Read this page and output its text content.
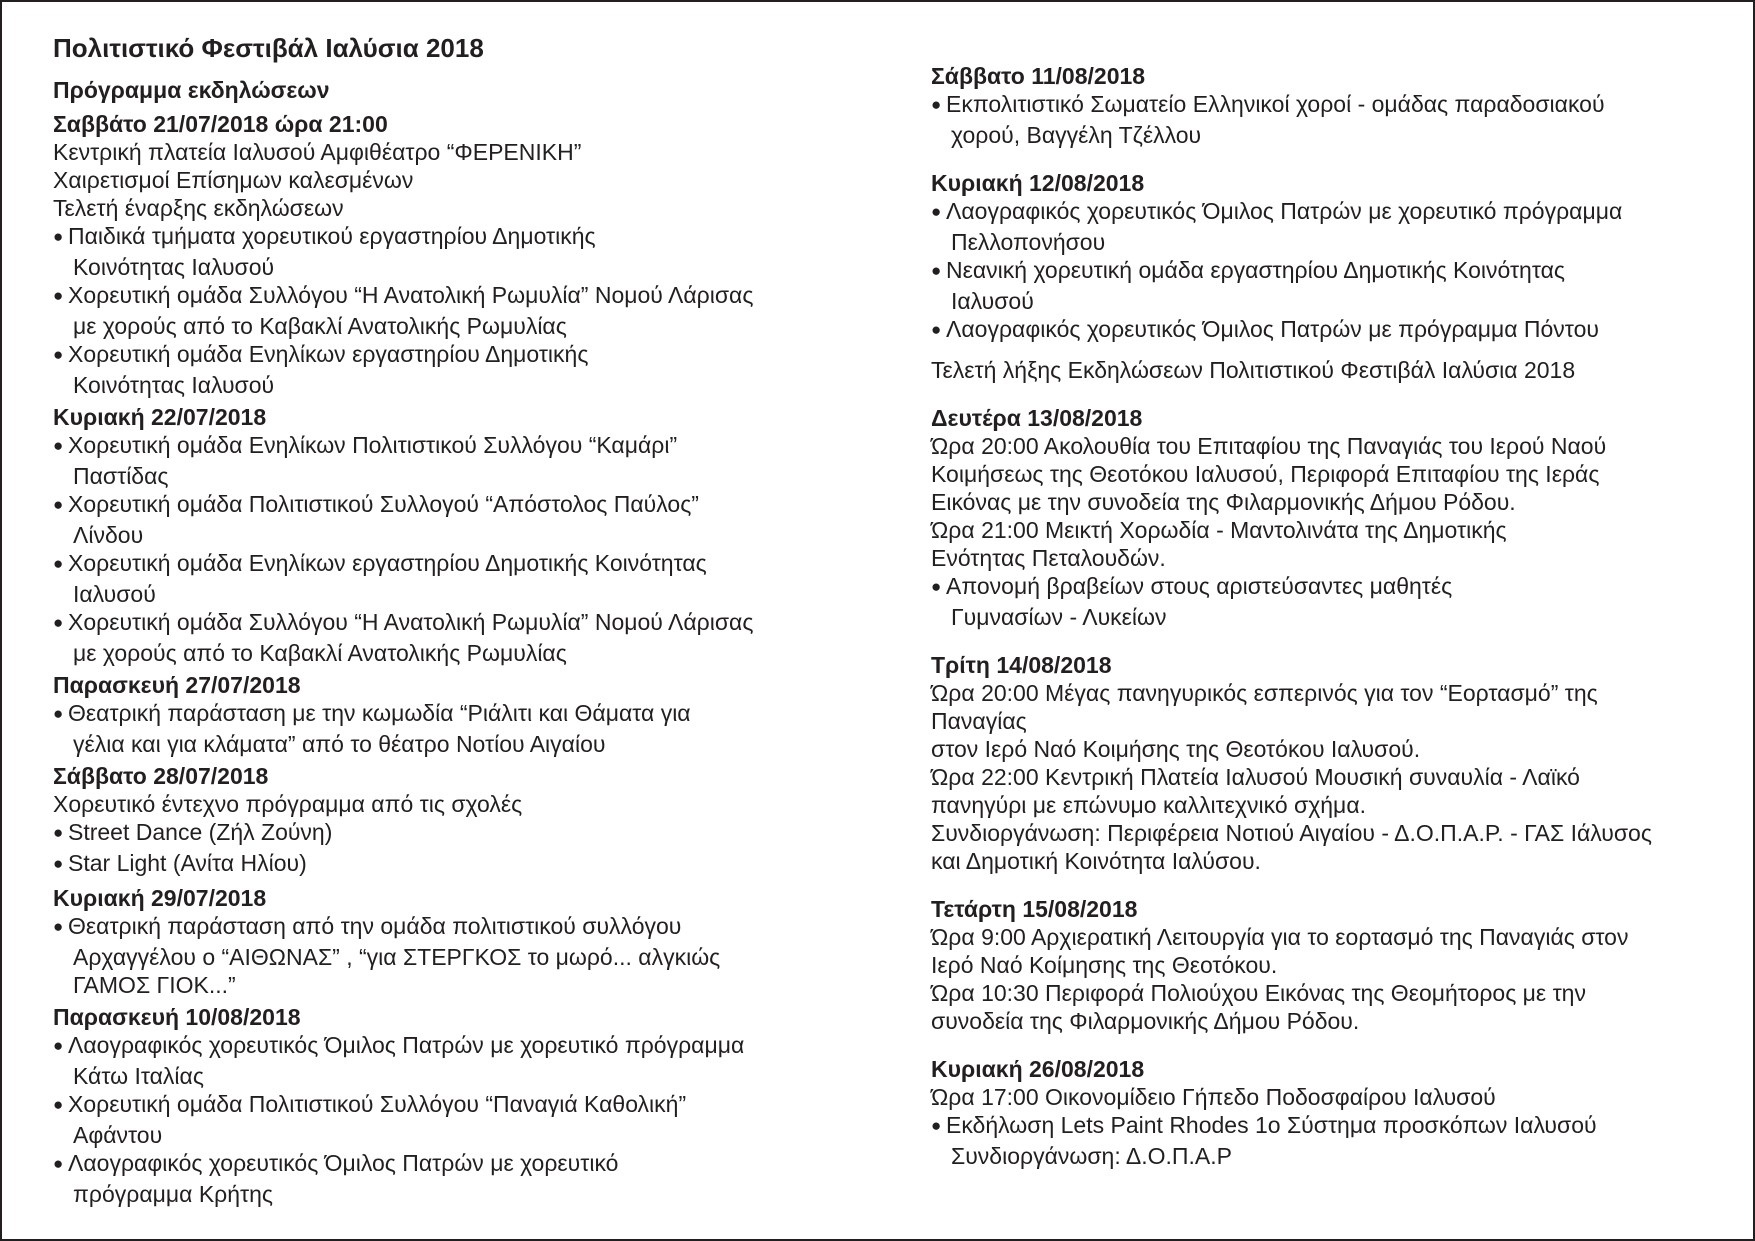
Πολιτιστικό Φεστιβάλ Ιαλύσια 2018
Πρόγραμμα εκδηλώσεων
Σαββάτο 21/07/2018 ώρα 21:00
Κεντρική πλατεία Ιαλυσού Αμφιθέατρο “ΦΕΡΕΝΙΚΗ”
Χαιρετισμοί Επίσημων καλεσμένων
Τελετή έναρξης εκδηλώσεων
● Παιδικά τμήματα χορευτικού εργαστηρίου Δημοτικής
Κοινότητας Ιαλυσού
● Χορευτική ομάδα Συλλόγου “Η Ανατολική Ρωμυλία” Νομού Λάρισας
με χορούς από το Καβακλί Ανατολικής Ρωμυλίας
● Χορευτική ομάδα Ενηλίκων εργαστηρίου Δημοτικής
Κοινότητας Ιαλυσού
Κυριακή 22/07/2018
● Χορευτική ομάδα Ενηλίκων Πολιτιστικού Συλλόγου “Καμάρι”
Παστίδας
● Χορευτική ομάδα Πολιτιστικού Συλλογού “Απόστολος Παύλος”
Λίνδου
● Χορευτική ομάδα Ενηλίκων εργαστηρίου Δημοτικής Κοινότητας
Ιαλυσού
● Χορευτική ομάδα Συλλόγου “Η Ανατολική Ρωμυλία” Νομού Λάρισας
με χορούς από το Καβακλί Ανατολικής Ρωμυλίας
Παρασκευή 27/07/2018
● Θεατρική παράσταση με την κωμωδία “Ριάλιτι και Θάματα για
γέλια και για κλάματα” από το θέατρο Νοτίου Αιγαίου
Σάββατο 28/07/2018
Χορευτικό έντεχνο πρόγραμμα από τις σχολές
● Street Dance (Ζήλ Ζούνη)
● Star Light (Ανίτα Ηλίου)
Κυριακή 29/07/2018
● Θεατρική παράσταση από την ομάδα πολιτιστικού συλλόγου
Αρχαγγέλου ο “ΑΙΘΩΝΑΣ” , “για ΣΤΕΡΓΚΟΣ το μωρό... αλγκιώς
ΓΑΜΟΣ ΓΙΟΚ...”
Παρασκευή 10/08/2018
● Λαογραφικός χορευτικός Όμιλος Πατρών με χορευτικό πρόγραμμα
Κάτω Ιταλίας
● Χορευτική ομάδα Πολιτιστικού Συλλόγου “Παναγιά Καθολική”
Αφάντου
● Λαογραφικός χορευτικός Όμιλος Πατρών με χορευτικό
πρόγραμμα Κρήτης
Σάββατο 11/08/2018
● Εκπολιτιστικό Σωματείο Ελληνικοί χοροί - ομάδας παραδοσιακού
χορού, Βαγγέλη Τζέλλου
Κυριακή 12/08/2018
● Λαογραφικός χορευτικός Όμιλος Πατρών με χορευτικό πρόγραμμα
Πελλοπονήσου
● Νεανική χορευτική ομάδα εργαστηρίου Δημοτικής Κοινότητας
Ιαλυσού
● Λαογραφικός χορευτικός Όμιλος Πατρών με πρόγραμμα Πόντου
Τελετή λήξης Εκδηλώσεων Πολιτιστικού Φεστιβάλ Ιαλύσια 2018
Δευτέρα 13/08/2018
Ώρα 20:00 Ακολουθία του Επιταφίου της Παναγιάς του Ιερού Ναού
Κοιμήσεως της Θεοτόκου Ιαλυσού, Περιφορά Επιταφίου της Ιεράς
Εικόνας με την συνοδεία της Φιλαρμονικής Δήμου Ρόδου.
Ώρα 21:00 Μεικτή Χορωδία - Μαντολινάτα της Δημοτικής
Ενότητας Πεταλουδών.
● Απονομή βραβείων στους αριστεύσαντες μαθητές
Γυμνασίων - Λυκείων
Τρίτη 14/08/2018
Ώρα 20:00 Μέγας πανηγυρικός εσπερινός για τον “Εορτασμό” της
Παναγίας
στον Ιερό Ναό Κοιμήσης της Θεοτόκου Ιαλυσού.
Ώρα 22:00 Κεντρική Πλατεία Ιαλυσού Μουσική συναυλία - Λαϊκό
πανηγύρι με επώνυμο καλλιτεχνικό σχήμα.
Συνδιοργάνωση: Περιφέρεια Νοτιού Αιγαίου - Δ.Ο.Π.Α.Ρ. - ΓΑΣ Ιάλυσος
και Δημοτική Κοινότητα Ιαλύσου.
Τετάρτη 15/08/2018
Ώρα 9:00 Αρχιερατική Λειτουργία για το εορτασμό της Παναγιάς στον
Ιερό Ναό Κοίμησης της Θεοτόκου.
Ώρα 10:30 Περιφορά Πολιούχου Εικόνας της Θεομήτορος με την
συνοδεία της Φιλαρμονικής Δήμου Ρόδου.
Κυριακή 26/08/2018
Ώρα 17:00 Οικονομίδειο Γήπεδο Ποδοσφαίρου Ιαλυσού
● Εκδήλωση Lets Paint Rhodes 1ο Σύστημα προσκόπων Ιαλυσού
Συνδιοργάνωση: Δ.Ο.Π.Α.Ρ
